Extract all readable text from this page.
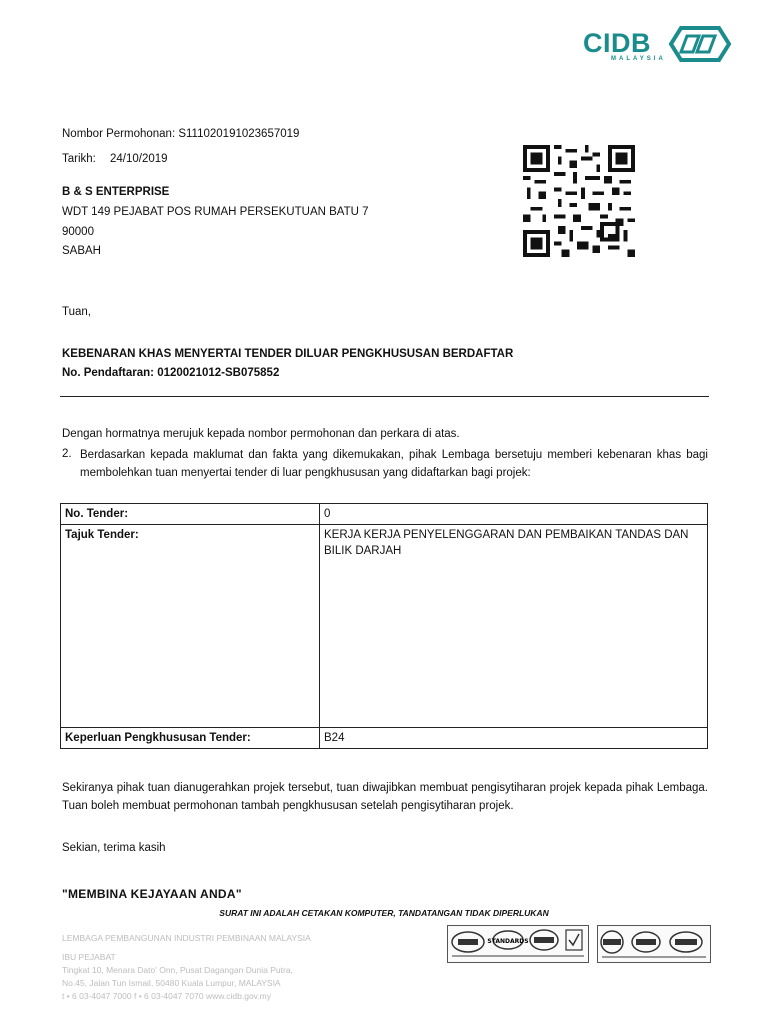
CIDB
MALAYSIA
Nombor Permohonan: S111020191023657019
Tarikh: 24/10/2019
B & S ENTERPRISE
WDT 149 PEJABAT POS RUMAH PERSEKUTUAN BATU 7
90000
SABAH
Tuan,
KEBENARAN KHAS MENYERTAI TENDER DILUAR PENGKHUSUSAN BERDAFTAR
No. Pendaftaran: 0120021012-SB075852
Dengan hormatnya merujuk kepada nombor permohonan dan perkara di atas.
2. Berdasarkan kepada maklumat dan fakta yang dikemukakan, pihak Lembaga bersetuju memberi kebenaran khas bagi membolehkan tuan menyertai tender di luar pengkhususan yang didaftarkan bagi projek:
No. Tender:	0
Tajuk Tender:	KERJA KERJA PENYELENGGARAN DAN PEMBAIKAN TANDAS DAN BILIK DARJAH
Keperluan Pengkhususan Tender:	B24
Sekiranya pihak tuan dianugerahkan projek tersebut, tuan diwajibkan membuat pengisytiharan projek kepada pihak Lembaga. Tuan boleh membuat permohonan tambah pengkhususan setelah pengisytiharan projek.
Sekian, terima kasih
"MEMBINA KEJAYAAN ANDA"
SURAT INI ADALAH CETAKAN KOMPUTER, TANDATANGAN TIDAK DIPERLUKAN
LEMBAGA PEMBANGUNAN INDUSTRI PEMBINAAN MALAYSIA
IBU PEJABAT
Tingkat 10, Menara Dato' Onn, Pusat Dagangan Dunia Putra,
No.45, Jalan Tun Ismail, 50480 Kuala Lumpur, MALAYSIA
t • 6 03-4047 7000 f • 6 03-4047 7070 www.cidb.gov.my
STANDARDS
